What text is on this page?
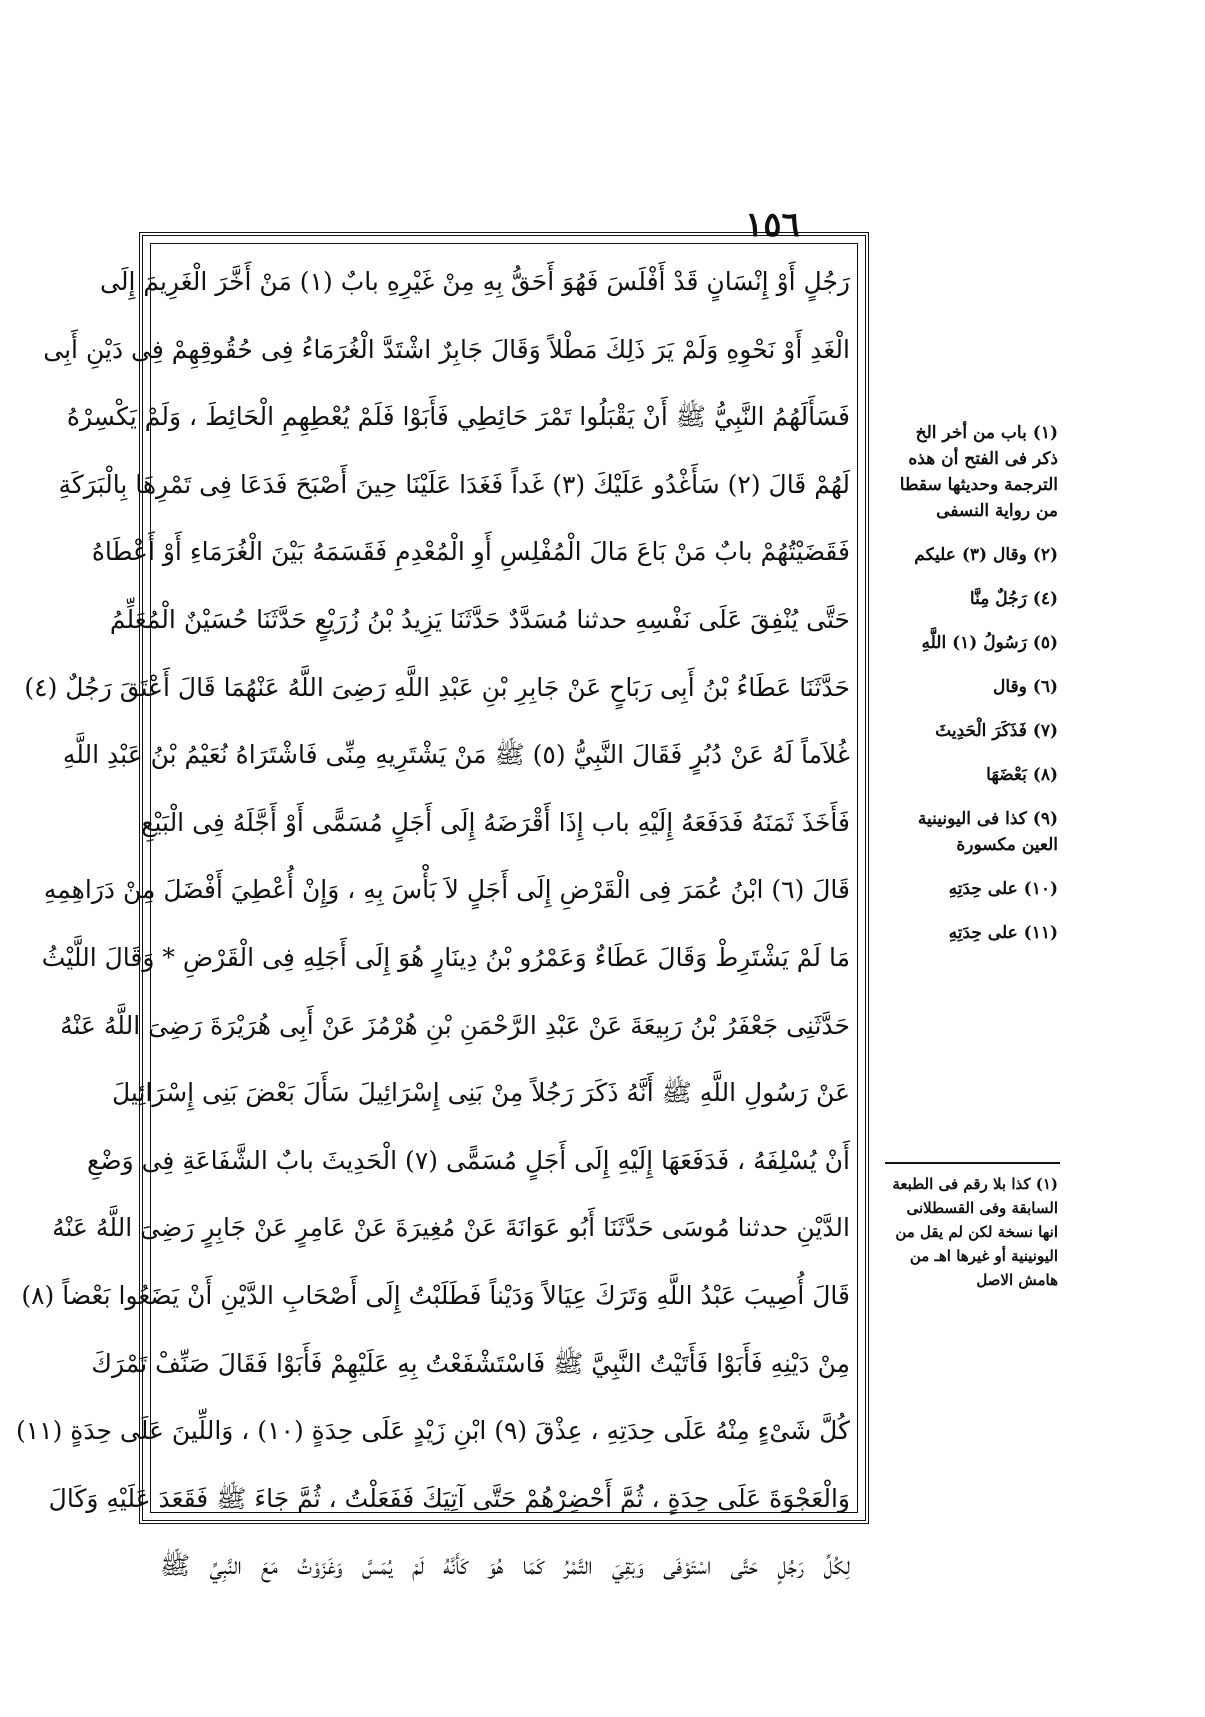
١٥٦
رَجُلٍ أَوْ إِنْسَانٍ قَدْ أَفْلَسَ فَهُوَ أَحَقُّ بِهِ مِنْ غَيْرِهِ بابٌ (١) مَنْ أَخَّرَ الْغَرِيمَ إِلَى
الْغَدِ أَوْ نَحْوِهِ وَلَمْ يَرَ ذَلِكَ مَطْلاً وَقَالَ جَابِرٌ اشْتَدَّ الْغُرَمَاءُ فِى حُقُوقِهِمْ فِى دَيْنِ أَبِى
فَسَأَلَهُمُ النَّبِيُّ ﷺ أَنْ يَقْبَلُوا تَمْرَ حَائِطِي فَأَبَوْا فَلَمْ يُعْطِهِمِ الْحَائِطَ ، وَلَمْ يَكْسِرْهُ
لَهُمْ قَالَ (٢) سَأَغْدُو عَلَيْكَ (٣) غَداً فَغَدَا عَلَيْنَا حِينَ أَصْبَحَ فَدَعَا فِى تَمْرِهَا بِالْبَرَكَةِ
فَقَضَيْتُهُمْ بابٌ مَنْ بَاعَ مَالَ الْمُفْلِسِ أَوِ الْمُعْدِمِ فَقَسَمَهُ بَيْنَ الْغُرَمَاءِ أَوْ أَعْطَاهُ
حَتَّى يُنْفِقَ عَلَى نَفْسِهِ حدثنا مُسَدَّدٌ حَدَّثَنَا يَزِيدُ بْنُ زُرَيْعٍ حَدَّثَنَا حُسَيْنٌ الْمُعَلِّمُ
حَدَّثَنَا عَطَاءُ بْنُ أَبِى رَبَاحٍ عَنْ جَابِرِ بْنِ عَبْدِ اللَّهِ رَضِىَ اللَّهُ عَنْهُمَا قَالَ أَعْتَقَ رَجُلٌ (٤)
غُلاَماً لَهُ عَنْ دُبُرٍ فَقَالَ النَّبِيُّ (٥) ﷺ مَنْ يَشْتَرِيهِ مِنِّى فَاشْتَرَاهُ نُعَيْمُ بْنُ عَبْدِ اللَّهِ
فَأَخَذَ ثَمَنَهُ فَدَفَعَهُ إِلَيْهِ باب إِذَا أَقْرَضَهُ إِلَى أَجَلٍ مُسَمًّى أَوْ أَجَّلَهُ فِى الْبَيْعِ
قَالَ (٦) ابْنُ عُمَرَ فِى الْقَرْضِ إِلَى أَجَلٍ لاَ بَأْسَ بِهِ ، وَإِنْ أُعْطِيَ أَفْضَلَ مِنْ دَرَاهِمِهِ
مَا لَمْ يَشْتَرِطْ وَقَالَ عَطَاءٌ وَعَمْرُو بْنُ دِينَارٍ هُوَ إِلَى أَجَلِهِ فِى الْقَرْضِ * وَقَالَ اللَّيْثُ
حَدَّثَنِى جَعْفَرُ بْنُ رَبِيعَةَ عَنْ عَبْدِ الرَّحْمَنِ بْنِ هُرْمُزَ عَنْ أَبِى هُرَيْرَةَ رَضِىَ اللَّهُ عَنْهُ
عَنْ رَسُولِ اللَّهِ ﷺ أَنَّهُ ذَكَرَ رَجُلاً مِنْ بَنِى إِسْرَائِيلَ سَأَلَ بَعْضَ بَنِى إِسْرَائِيلَ
أَنْ يُسْلِفَهُ ، فَدَفَعَهَا إِلَيْهِ إِلَى أَجَلٍ مُسَمًّى (٧) الْحَدِيثَ بابٌ الشَّفَاعَةِ فِى وَضْعِ
الدَّيْنِ حدثنا مُوسَى حَدَّثَنَا أَبُو عَوَانَةَ عَنْ مُغِيرَةَ عَنْ عَامِرٍ عَنْ جَابِرٍ رَضِىَ اللَّهُ عَنْهُ
قَالَ أُصِيبَ عَبْدُ اللَّهِ وَتَرَكَ عِيَالاً وَدَيْناً فَطَلَبْتُ إِلَى أَصْحَابِ الدَّيْنِ أَنْ يَضَعُوا بَعْضاً (٨)
مِنْ دَيْنِهِ فَأَبَوْا فَأَتَيْتُ النَّبِيَّ ﷺ فَاسْتَشْفَعْتُ بِهِ عَلَيْهِمْ فَأَبَوْا فَقَالَ صَنِّفْ تَمْرَكَ
كُلَّ شَىْءٍ مِنْهُ عَلَى حِدَتِهِ ، عِذْقَ (٩) ابْنِ زَيْدٍ عَلَى حِدَةٍ (١٠) ، وَاللِّينَ عَلَى حِدَةٍ (١١)
وَالْعَجْوَةَ عَلَى حِدَةٍ ، ثُمَّ أَحْضِرْهُمْ حَتَّى آتِيَكَ فَفَعَلْتُ ، ثُمَّ جَاءَ ﷺ فَقَعَدَ عَلَيْهِ وَكَالَ
لِكُلِّ رَجُلٍ حَتَّى اسْتَوْفَى وَبَقِيَ التَّمْرُ كَمَا هُوَ كَأَنَّهُ لَمْ يُمَسَّ وَغَزَوْتُ مَعَ النَّبِيِّ ﷺ
(١) باب من أخر الخ ذكر فى الفتح أن هذه الترجمة وحديثها سقطا من رواية النسفى
(٢) وقال (٣) عليكم
(٤) رَجُلٌ مِنَّا
(٥) رَسُولُ (١) اللَّهِ
(٦) وقال
(٧) فَذَكَرَ الْحَدِيثَ
(٨) بَعْضَهَا
(٩) كذا فى اليونينية العين مكسورة
(١٠) على حِدَتِهِ
(١١) على حِدَتِهِ
(١) كذا بلا رقم فى الطبعة السابقة وفى القسطلانى انها نسخة لكن لم يقل من اليونينية أو غيرها اهـ من هامش الاصل
